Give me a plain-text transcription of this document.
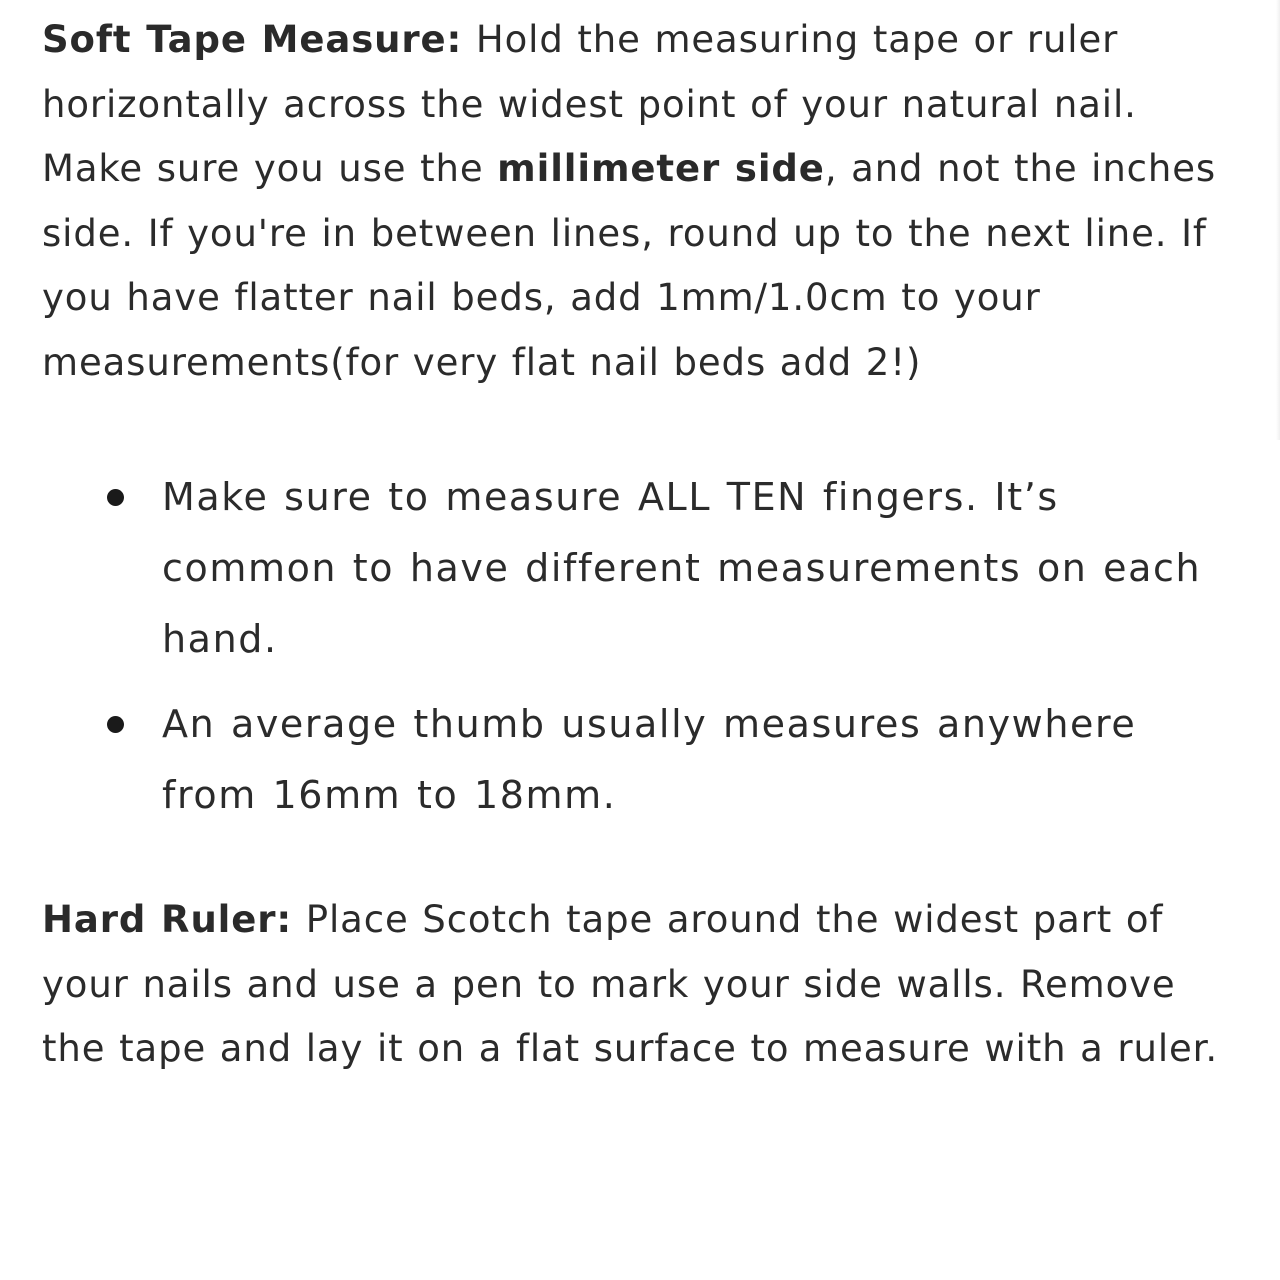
Soft Tape Measure: Hold the measuring tape or ruler horizontally across the widest point of your natural nail. Make sure you use the millimeter side, and not the inches side. If you're in between lines, round up to the next line. If you have flatter nail beds, add 1mm/1.0cm to your measurements(for very flat nail beds add 2!)

Make sure to measure ALL TEN fingers. It’s common to have different measurements on each hand.
An average thumb usually measures anywhere from 16mm to 18mm.

Hard Ruler: Place Scotch tape around the widest part of your nails and use a pen to mark your side walls. Remove the tape and lay it on a flat surface to measure with a ruler.
